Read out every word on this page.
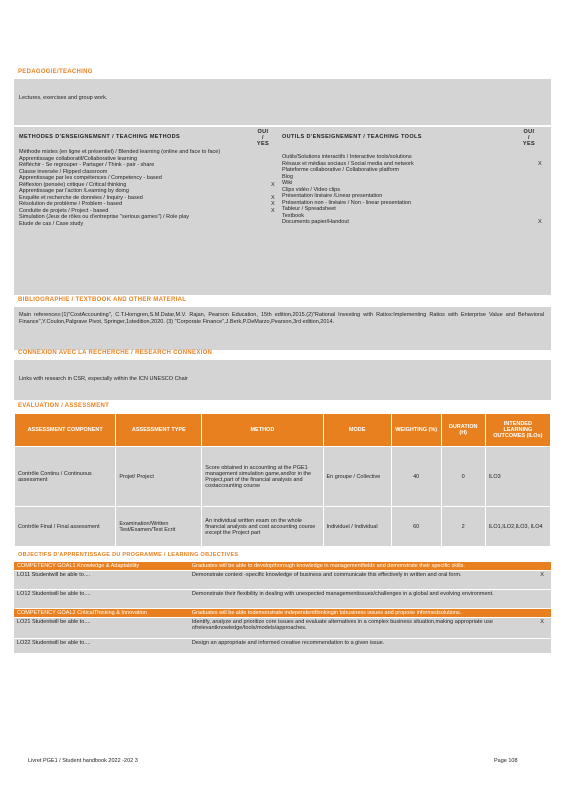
PEDAGOGIE/TEACHING
Lectures, exercises and group work.
METHODES D'ENSEIGNEMENT / TEACHING METHODS
OUI / YES
OUTILS D'ENSEIGNEMENT / TEACHING TOOLS
OUI / YES
Méthode mixtes (en ligne et présentiel) / Blended learning (online and face to face)
Apprentissage collaboratif/Collaborative learning
Réfléchir - Se regrouper - Partager / Think - pair - share
Classe inversée / Flipped classroom
Apprentissage par les compétences / Competency - based
Réflexion (pensée) critique / Critical thinking	X
Apprentissage par l'action /Learning by doing
Enquête et recherche de données / Inquiry - based	X
Résolution de problème / Problem - based	X
Conduite de projets / Project - based	X
Simulation (Jeux de rôles ou d'entreprise "serious games") / Role play
Etude de cas / Case study
Outils/Solutions interactifs / Interactive tools/solutions
Résaux et médias sociaux / Social media and network	X
Plateforme collaborative / Collaborative platform
Blog
Wiki
Clips vidéo / Video clips
Présentation linéaire /Linear presentation
Présentation non - linéaire / Non - linear presentation
Tableur / Spreadsheet
Textbook
Documents papier/Handout	X
BIBLIOGRAPHIE / TEXTBOOK AND OTHER MATERIAL
Main references:(1)"CostAccounting", C.T.Horngren,S.M.Datar,M.V. Rajan, Pearson Education, 15th edition,2015.(2)"Rational Investing with Ratios:Implementing Ratios with Enterprise Value and Behavioral Finance",Y.Coulon,Palgrave Pivot, Springer,1stedition,2020. (3) "Corporate Finance",J.Berk,P.DeMarzo,Pearson,3rd edition,2014.
CONNEXION AVEC LA RECHERCHE / RESEARCH CONNEXION
Links with research in CSR, especially within the ICN UNESCO Chair
EVALUATION / ASSESSMENT
ASSESSMENT COMPONENT	ASSESSMENT TYPE	METHOD	MODE	WEIGHTING (%)	DURATION (H)	INTENDED LEARNING OUTCOMES (ILOs)
Contrôle Continu / Continuous assessment	Projet/ Project	Score obtained in accounting at the PGE1 management simulation game,and/or in the Project,part of the financial analysis and costaccounting course	En groupe / Collective	40	0	ILO3
Contrôle Final / Final assessment	Examination/Written Test/Examen/Test Ecrit	An individual written exam on the whole financial analysis and cost accounting course except the Project part	Individuel / Individual	60	2	ILO1,ILO2,ILO3, ILO4
OBJECTIFS D'APPRENTISSAGE DU PROGRAMME / LEARNING OBJECTIVES
COMPETENCY GOAL1 Knowledge & Adaptability	Graduates will be able to developthorough knowledge in managementfields and demonstrate their specific skills.	
LO11 Studentwill be able to....	Demonstrate context -specific knowledge of business and communicate this effectively in written and oral form.	X
LO12 Studentwill be able to....	Demonstrate their flexibility in dealing with unexpected managementissues/challenges in a global and evolving environment.	
COMPETENCY GOAL2 CriticalThinking & Innovation	Graduates will be able todemonstrate independentthinkingin tobusiness issues and propose informedsolutions.	
LO21 Studentwill be able to....	Identify, analyze and prioritize core issues and evaluate alternatives in a complex business situation,making appropriate use ofrelevantknowledge/tools/models/approaches.	X
LO22 Studentwill be able to....	Design an appropriate and informed creative recommendation to a given issue.	
Livret PGE1 / Student handbook 2022 -202 3	Page 108
